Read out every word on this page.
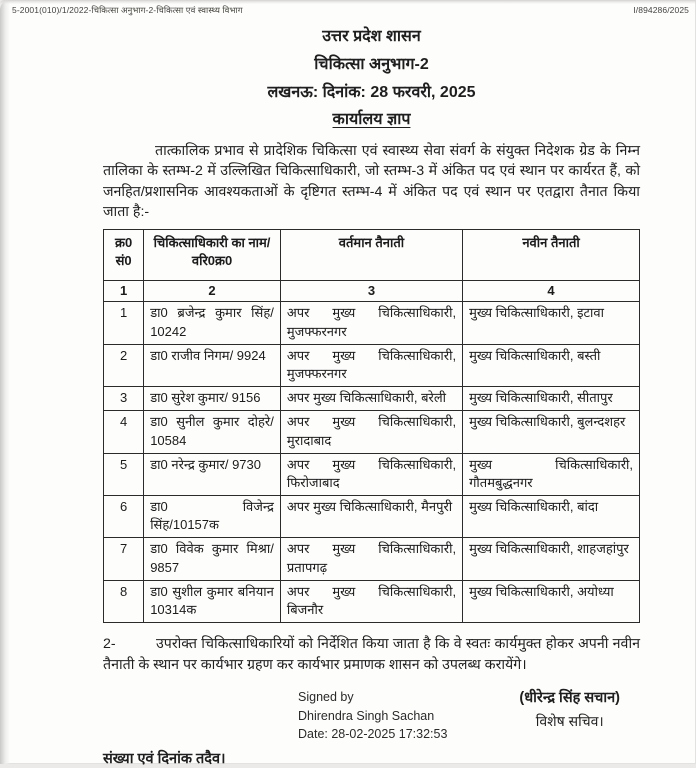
5-2001(010)/1/2022-चिकित्सा अनुभाग-2-चिकित्सा एवं स्वास्थ्य विभाग	I/894286/2025
उत्तर प्रदेश शासन
चिकित्सा अनुभाग-2
लखनऊ: दिनांक: 28 फरवरी, 2025
कार्यालय ज्ञाप
तात्कालिक प्रभाव से प्रादेशिक चिकित्सा एवं स्वास्थ्य सेवा संवर्ग के संयुक्त निदेशक ग्रेड के निम्न तालिका के स्तम्भ-2 में उल्लिखित चिकित्साधिकारी, जो स्तम्भ-3 में अंकित पद एवं स्थान पर कार्यरत हैं, को जनहित/प्रशासनिक आवश्यकताओं के दृष्टिगत स्तम्भ-4 में अंकित पद एवं स्थान पर एतद्वारा तैनात किया जाता है:-
क्र0 सं0	चिकित्साधिकारी का नाम/ वरि0क्र0	वर्तमान तैनाती	नवीन तैनाती
1	2	3	4
1	डा0 ब्रजेन्द्र कुमार सिंह/ 10242	अपर मुख्य चिकित्साधिकारी, मुजफ्फरनगर	मुख्य चिकित्साधिकारी, इटावा
2	डा0 राजीव निगम/ 9924	अपर मुख्य चिकित्साधिकारी, मुजफ्फरनगर	मुख्य चिकित्साधिकारी, बस्ती
3	डा0 सुरेश कुमार/ 9156	अपर मुख्य चिकित्साधिकारी, बरेली	मुख्य चिकित्साधिकारी, सीतापुर
4	डा0 सुनील कुमार दोहरे/ 10584	अपर मुख्य चिकित्साधिकारी, मुरादाबाद	मुख्य चिकित्साधिकारी, बुलन्दशहर
5	डा0 नरेन्द्र कुमार/ 9730	अपर मुख्य चिकित्साधिकारी, फिरोजाबाद	मुख्य चिकित्साधिकारी, गौतमबुद्धनगर
6	डा0 विजेन्द्र सिंह/10157क	अपर मुख्य चिकित्साधिकारी, मैनपुरी	मुख्य चिकित्साधिकारी, बांदा
7	डा0 विवेक कुमार मिश्रा/ 9857	अपर मुख्य चिकित्साधिकारी, प्रतापगढ़	मुख्य चिकित्साधिकारी, शाहजहांपुर
8	डा0 सुशील कुमार बनियान 10314क	अपर मुख्य चिकित्साधिकारी, बिजनौर	मुख्य चिकित्साधिकारी, अयोध्या
2-	उपरोक्त चिकित्साधिकारियों को निर्देशित किया जाता है कि वे स्वतः कार्यमुक्त होकर अपनी नवीन तैनाती के स्थान पर कार्यभार ग्रहण कर कार्यभार प्रमाणक शासन को उपलब्ध करायेंगे।
Signed by
Dhirendra Singh Sachan
Date: 28-02-2025 17:32:53
(धीरेन्द्र सिंह सचान)
विशेष सचिव।
संख्या एवं दिनांक तदैव।
